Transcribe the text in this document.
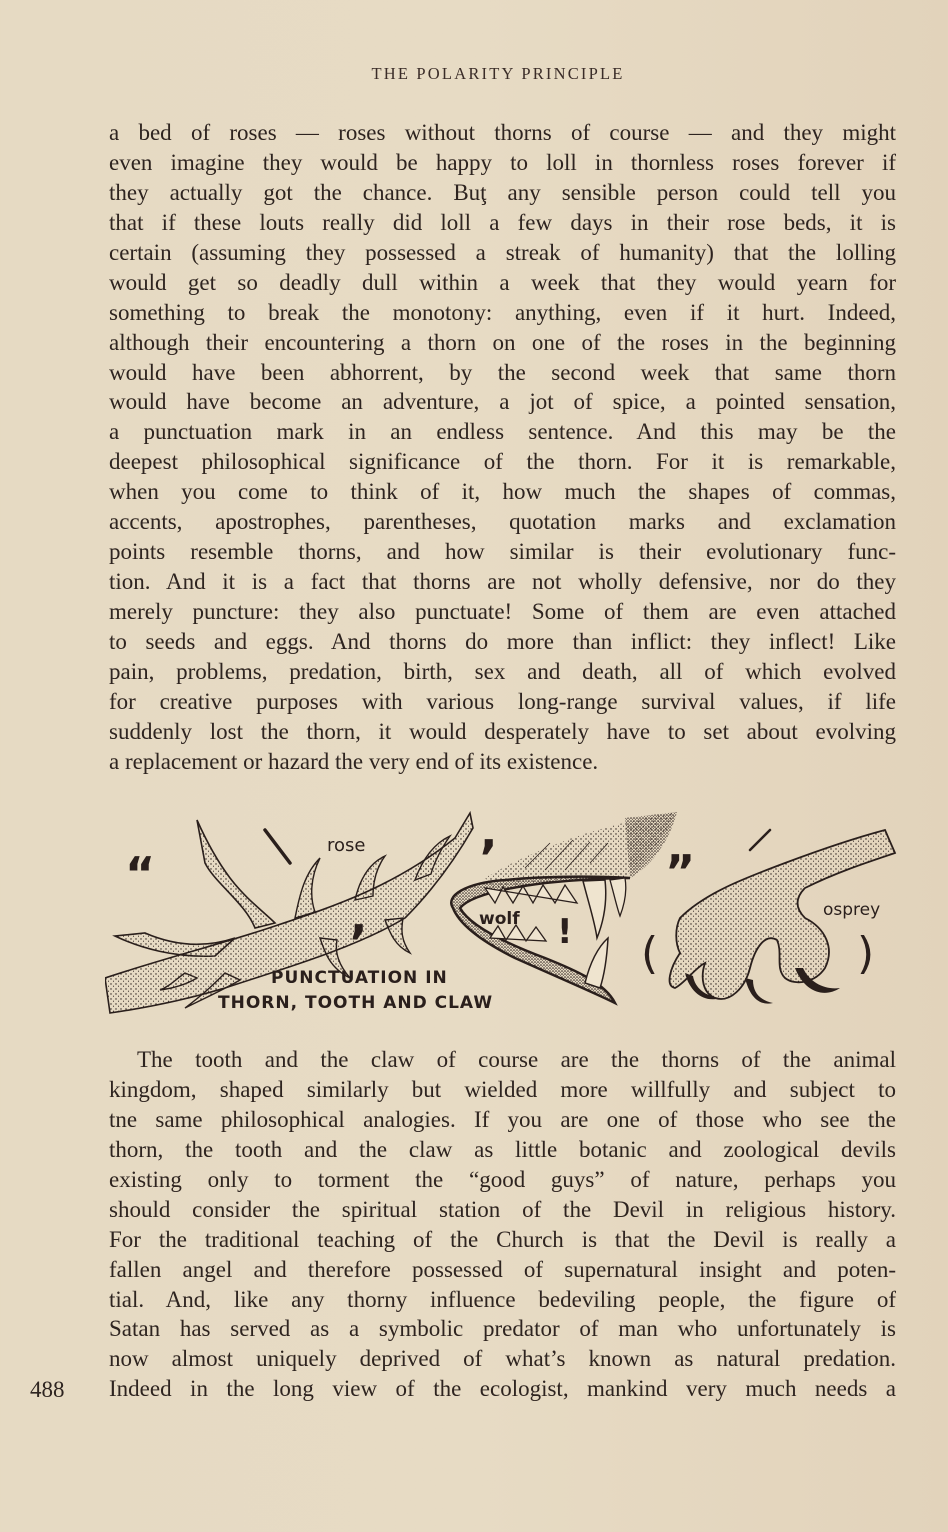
THE POLARITY PRINCIPLE
a bed of roses — roses without thorns of course — and they might
even imagine they would be happy to loll in thornless roses forever if
they actually got the chance. Buţ any sensible person could tell you
that if these louts really did loll a few days in their rose beds, it is
certain (assuming they possessed a streak of humanity) that the lolling
would get so deadly dull within a week that they would yearn for
something to break the monotony: anything, even if it hurt. Indeed,
although their encountering a thorn on one of the roses in the beginning
would have been abhorrent, by the second week that same thorn
would have become an adventure, a jot of spice, a pointed sensation,
a punctuation mark in an endless sentence. And this may be the
deepest philosophical significance of the thorn. For it is remarkable,
when you come to think of it, how much the shapes of commas,
accents, apostrophes, parentheses, quotation marks and exclamation
points resemble thorns, and how similar is their evolutionary func-
tion. And it is a fact that thorns are not wholly defensive, nor do they
merely puncture: they also punctuate! Some of them are even attached
to seeds and eggs. And thorns do more than inflict: they inflect! Like
pain, problems, predation, birth, sex and death, all of which evolved
for creative purposes with various long-range survival values, if life
suddenly lost the thorn, it would desperately have to set about evolving
a replacement or hazard the very end of its existence.
“
,
,
”
! (	)
rose
wolf	osprey
PUNCTUATION IN
THORN, TOOTH AND CLAW
The tooth and the claw of course are the thorns of the animal
kingdom, shaped similarly but wielded more willfully and subject to
tne same philosophical analogies. If you are one of those who see the
thorn, the tooth and the claw as little botanic and zoological devils
existing only to torment the “good guys” of nature, perhaps you
should consider the spiritual station of the Devil in religious history.
For the traditional teaching of the Church is that the Devil is really a
fallen angel and therefore possessed of supernatural insight and poten-
tial. And, like any thorny influence bedeviling people, the figure of
Satan has served as a symbolic predator of man who unfortunately is
now almost uniquely deprived of what’s known as natural predation.
Indeed in the long view of the ecologist, mankind very much needs a
488
